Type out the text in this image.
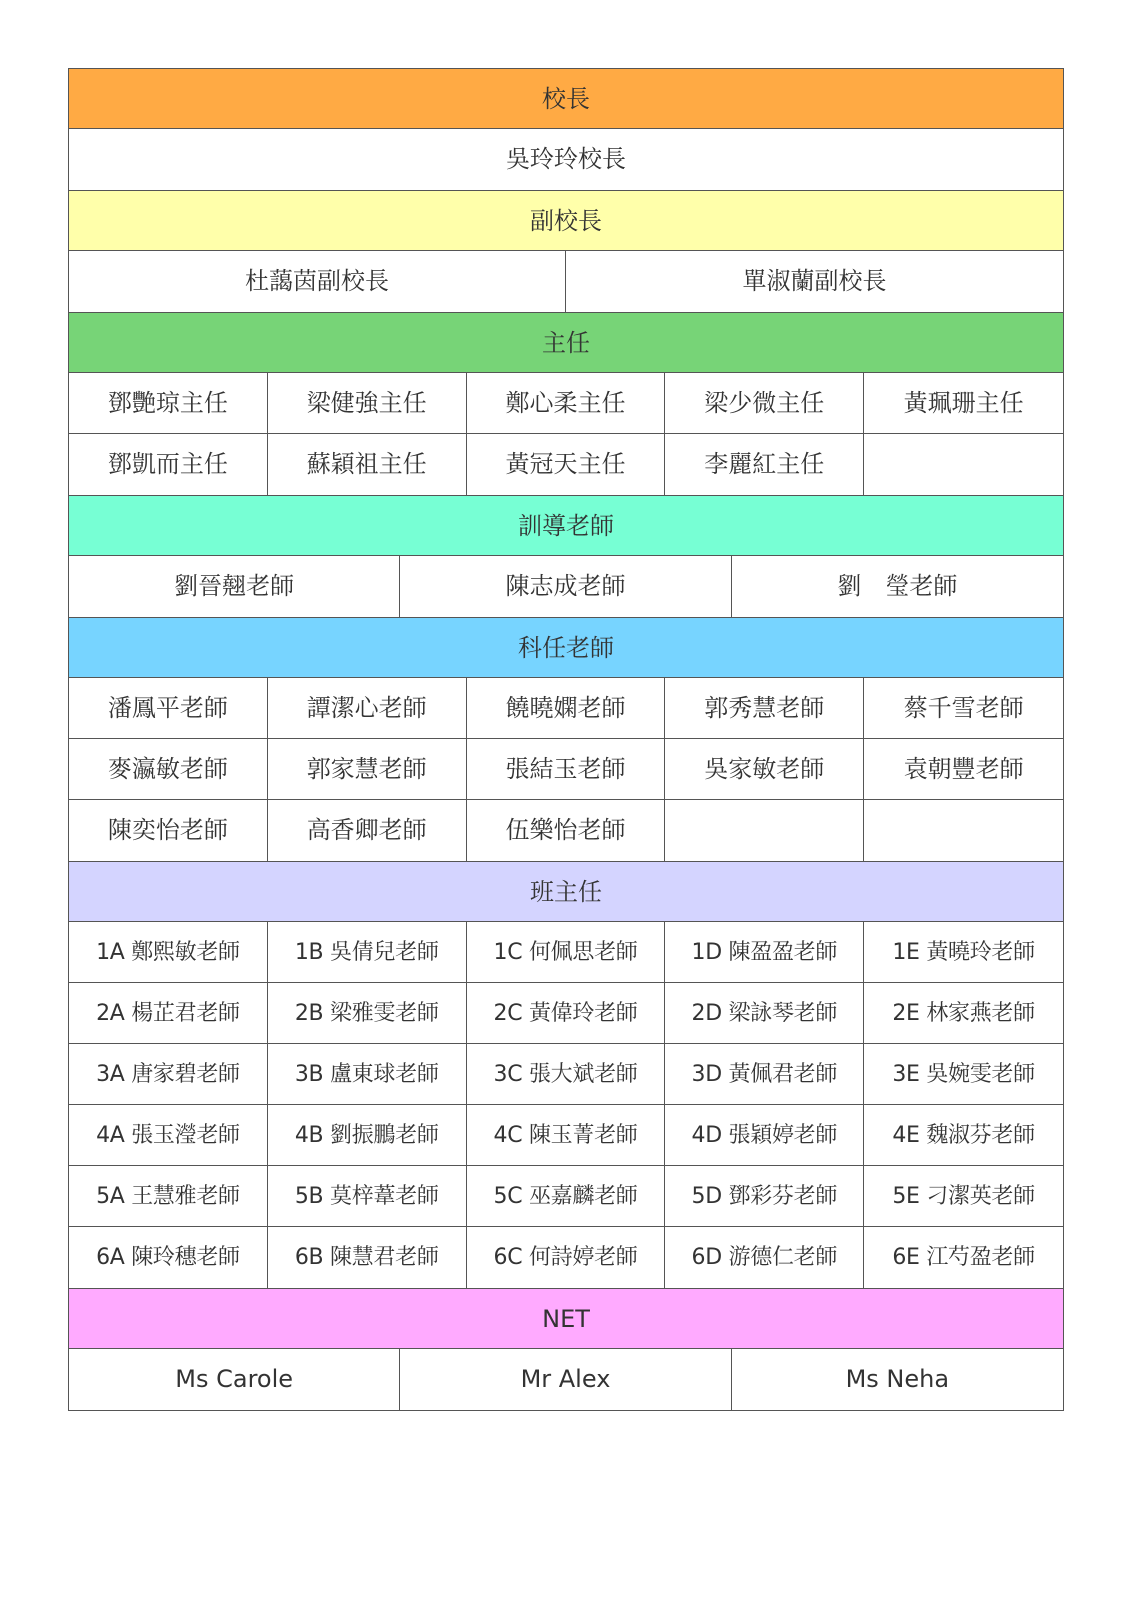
校長
吳玲玲校長
副校長
杜藹茵副校長	單淑蘭副校長
主任
鄧艷琼主任	梁健強主任	鄭心柔主任	梁少微主任	黃珮珊主任
鄧凱而主任	蘇穎祖主任	黃冠天主任	李麗紅主任
訓導老師
劉晉翹老師	陳志成老師	劉　瑩老師
科任老師
潘鳳平老師	譚潔心老師	饒曉嫻老師	郭秀慧老師	蔡千雪老師
麥瀛敏老師	郭家慧老師	張結玉老師	吳家敏老師	袁朝豐老師
陳奕怡老師	高香卿老師	伍樂怡老師
班主任
1A 鄭熙敏老師	1B 吳倩兒老師	1C 何佩思老師	1D 陳盈盈老師	1E 黃曉玲老師
2A 楊芷君老師	2B 梁雅雯老師	2C 黃偉玲老師	2D 梁詠琴老師	2E 林家燕老師
3A 唐家碧老師	3B 盧東球老師	3C 張大斌老師	3D 黃佩君老師	3E 吳婉雯老師
4A 張玉瀅老師	4B 劉振鵬老師	4C 陳玉菁老師	4D 張穎婷老師	4E 魏淑芬老師
5A 王慧雅老師	5B 莫梓葦老師	5C 巫嘉麟老師	5D 鄧彩芬老師	5E 刁潔英老師
6A 陳玲穗老師	6B 陳慧君老師	6C 何詩婷老師	6D 游德仁老師	6E 江芍盈老師
NET
Ms Carole	Mr Alex	Ms Neha
